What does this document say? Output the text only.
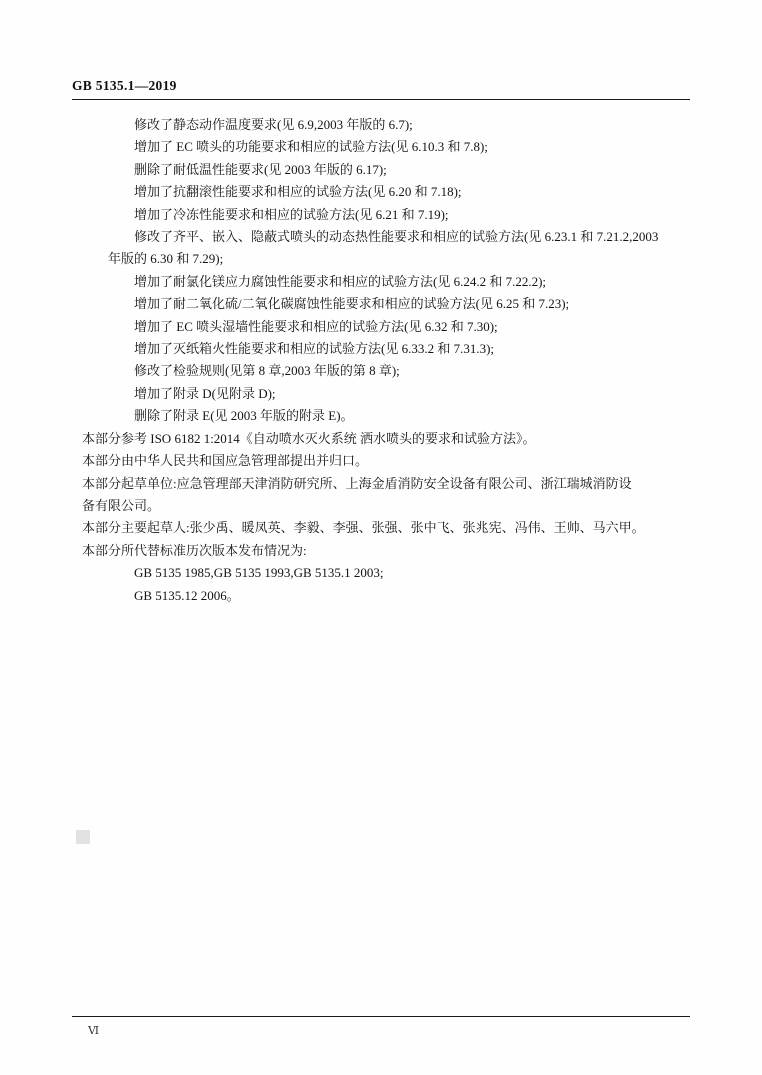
GB 5135.1—2019

修改了静态动作温度要求(见 6.9,2003 年版的 6.7);

增加了 EC 喷头的功能要求和相应的试验方法(见 6.10.3 和 7.8);

删除了耐低温性能要求(见 2003 年版的 6.17);

增加了抗翻滚性能要求和相应的试验方法(见 6.20 和 7.18);

增加了冷冻性能要求和相应的试验方法(见 6.21 和 7.19);

修改了齐平、嵌入、隐蔽式喷头的动态热性能要求和相应的试验方法(见 6.23.1 和 7.21.2,2003

年版的 6.30 和 7.29);

增加了耐氯化镁应力腐蚀性能要求和相应的试验方法(见 6.24.2 和 7.22.2);

增加了耐二氧化硫/二氧化碳腐蚀性能要求和相应的试验方法(见 6.25 和 7.23);

增加了 EC 喷头湿墙性能要求和相应的试验方法(见 6.32 和 7.30);

增加了灭纸箱火性能要求和相应的试验方法(见 6.33.2 和 7.31.3);

修改了检验规则(见第 8 章,2003 年版的第 8 章);

增加了附录 D(见附录 D);

删除了附录 E(见 2003 年版的附录 E)。

本部分参考 ISO 6182 1:2014《自动喷水灭火系统 洒水喷头的要求和试验方法》。

本部分由中华人民共和国应急管理部提出并归口。

本部分起草单位:应急管理部天津消防研究所、上海金盾消防安全设备有限公司、浙江瑞城消防设

备有限公司。

本部分主要起草人:张少禹、暖凤英、李毅、李强、张强、张中飞、张兆宪、冯伟、王帅、马六甲。

本部分所代替标准历次版本发布情况为:

GB 5135 1985,GB 5135 1993,GB 5135.1 2003;

GB 5135.12 2006。

Ⅵ
